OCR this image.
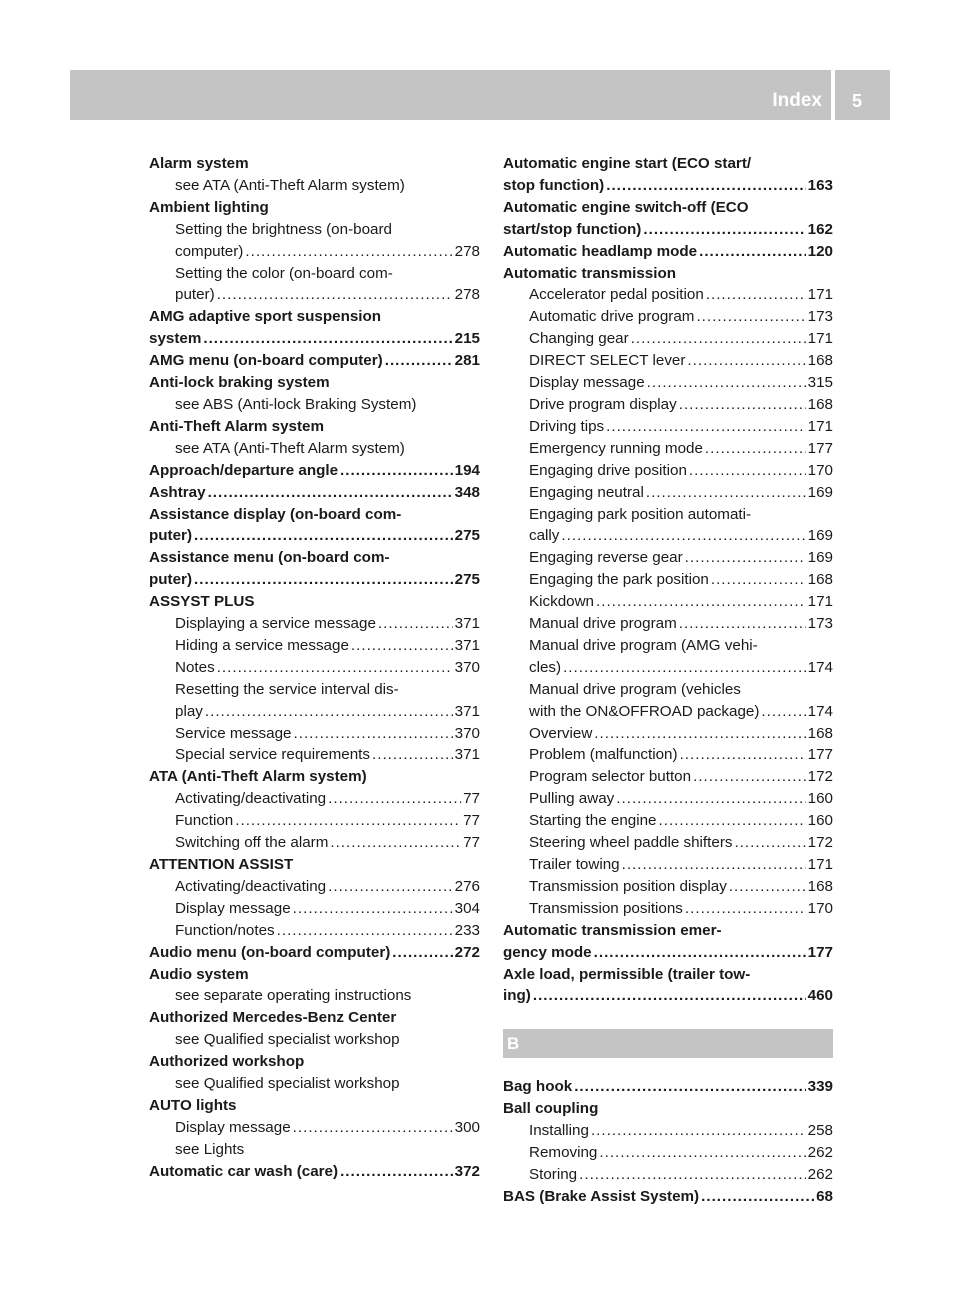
Index 5
Alarm system
see ATA (Anti-Theft Alarm system)
Ambient lighting
Setting the brightness (on-board
computer) .....	278
Setting the color (on-board com-
puter) .....	278
AMG adaptive sport suspension
system .....	215
AMG menu (on-board computer) .....	281
Anti-lock braking system
see ABS (Anti-lock Braking System)
Anti-Theft Alarm system
see ATA (Anti-Theft Alarm system)
Approach/departure angle .....	194
Ashtray .....	348
Assistance display (on-board com-
puter) .....	275
Assistance menu (on-board com-
puter) .....	275
ASSYST PLUS
Displaying a service message .....	371
Hiding a service message .....	371
Notes .....	370
Resetting the service interval dis-
play .....	371
Service message .....	370
Special service requirements .....	371
ATA (Anti-Theft Alarm system)
Activating/deactivating .....	77
Function .....	77
Switching off the alarm .....	77
ATTENTION ASSIST
Activating/deactivating .....	276
Display message .....	304
Function/notes .....	233
Audio menu (on-board computer) .....	272
Audio system
see separate operating instructions
Authorized Mercedes-Benz Center
see Qualified specialist workshop
Authorized workshop
see Qualified specialist workshop
AUTO lights
Display message .....	300
see Lights
Automatic car wash (care) .....	372
Automatic engine start (ECO start/
stop function) .....	163
Automatic engine switch-off (ECO
start/stop function) .....	162
Automatic headlamp mode .....	120
Automatic transmission
Accelerator pedal position .....	171
Automatic drive program .....	173
Changing gear .....	171
DIRECT SELECT lever .....	168
Display message .....	315
Drive program display .....	168
Driving tips .....	171
Emergency running mode .....	177
Engaging drive position .....	170
Engaging neutral .....	169
Engaging park position automati-
cally .....	169
Engaging reverse gear .....	169
Engaging the park position .....	168
Kickdown .....	171
Manual drive program .....	173
Manual drive program (AMG vehi-
cles) .....	174
Manual drive program (vehicles
with the ON&OFFROAD package) .....	174
Overview .....	168
Problem (malfunction) .....	177
Program selector button .....	172
Pulling away .....	160
Starting the engine .....	160
Steering wheel paddle shifters .....	172
Trailer towing .....	171
Transmission position display .....	168
Transmission positions .....	170
Automatic transmission emer-
gency mode .....	177
Axle load, permissible (trailer tow-
ing) .....	460
B
Bag hook .....	339
Ball coupling
Installing .....	258
Removing .....	262
Storing .....	262
BAS (Brake Assist System) .....	68
